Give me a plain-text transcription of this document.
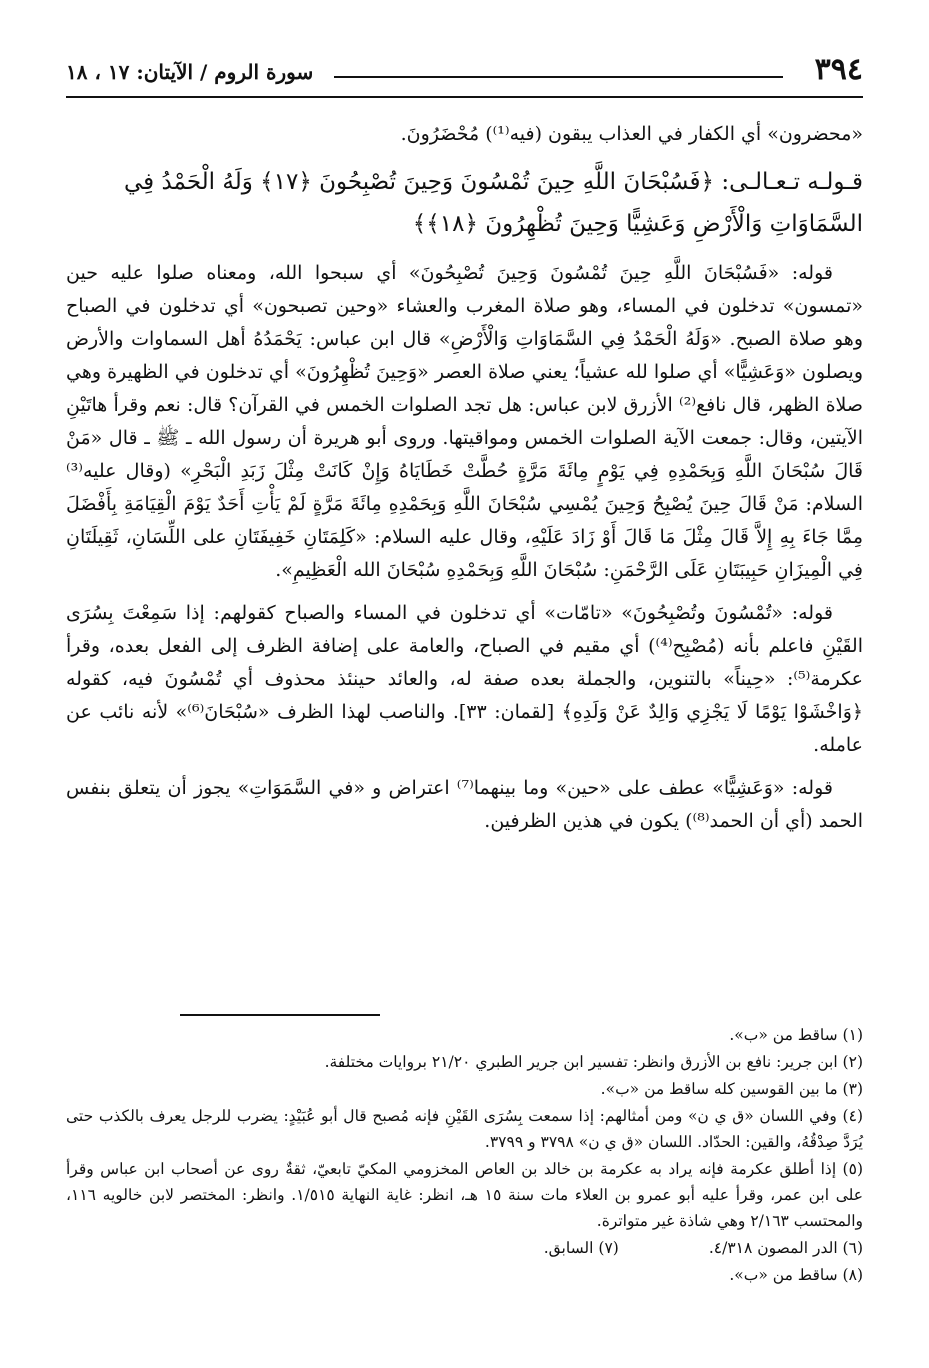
٣٩٤
سورة الروم / الآيتان: ١٧ ، ١٨

«محضرون» أي الكفار في العذاب يبقون (فيه⁽¹⁾) مُحْضَرُونَ.

قـولـه تـعـالـى: ﴿فَسُبْحَانَ اللَّهِ حِينَ تُمْسُونَ وَحِينَ تُصْبِحُونَ ﴿١٧﴾ وَلَهُ الْحَمْدُ فِي
السَّمَاوَاتِ وَالْأَرْضِ وَعَشِيًّا وَحِينَ تُظْهِرُونَ ﴿١٨﴾﴾

قوله: «فَسُبْحَانَ اللَّهِ حِينَ تُمْسُونَ وَحِينَ تُصْبِحُونَ» أي سبحوا الله، ومعناه صلوا عليه حين «تمسون» تدخلون في المساء، وهو صلاة المغرب والعشاء «وحين تصبحون» أي تدخلون في الصباح وهو صلاة الصبح. «وَلَهُ الْحَمْدُ فِي السَّمَاوَاتِ وَالْأَرْضِ» قال ابن عباس: يَحْمَدُهُ أهل السماوات والأرض ويصلون «وَعَشِيًّا» أي صلوا لله عشياً؛ يعني صلاة العصر «وَحِينَ تُظْهِرُونَ» أي تدخلون في الظهيرة وهي صلاة الظهر، قال نافع⁽²⁾ الأزرق لابن عباس: هل تجد الصلوات الخمس في القرآن؟ قال: نعم وقرأ هاتَيْنِ الآيتين، وقال: جمعت الآية الصلوات الخمس ومواقيتها. وروى أبو هريرة أن رسول الله ـ ﷺ ـ قال «مَنْ قَالَ سُبْحَانَ اللَّهِ وَبِحَمْدِهِ فِي يَوْمٍ مِائَةَ مَرَّةٍ حُطَّتْ خَطَايَاهُ وَإِنْ كَانَتْ مِثْلَ زَبَدِ الْبَحْرِ» (وقال عليه⁽³⁾ السلام: مَنْ قَالَ حِينَ يُصْبِحُ وَحِينَ يُمْسِي سُبْحَانَ اللَّهِ وَبِحَمْدِهِ مِائَةَ مَرَّةٍ لَمْ يَأْتِ أَحَدٌ يَوْمَ الْقِيَامَةِ بِأَفْضَلَ مِمَّا جَاءَ بِهِ إِلاَّ قَالَ مِثْلَ مَا قَالَ أَوْ زَادَ عَلَيْهِ، وقال عليه السلام: «كَلِمَتَانِ خَفِيفَتَانِ على اللِّسَانِ، ثَقِيلَتَانِ فِي الْمِيزَانِ حَبِيبَتَانِ عَلَى الرَّحْمَنِ: سُبْحَانَ اللَّهِ وَبِحَمْدِهِ سُبْحَانَ الله الْعَظِيمِ».

قوله: «تُمْسُونَ وتُصْبِحُونَ» «تامّات» أي تدخلون في المساء والصباح كقولهم: إذا سَمِعْتَ بِسُرَى القَيْنِ فاعلم بأنه (مُصْبِح⁽⁴⁾) أي مقيم في الصباح، والعامة على إضافة الظرف إلى الفعل بعده، وقرأ عكرمة⁽⁵⁾: «حِيناً» بالتنوين، والجملة بعده صفة له، والعائد حينئذ محذوف أي تُمْسُونَ فيه، كقوله ﴿وَاخْشَوْا يَوْمًا لَا يَجْزِي وَالِدٌ عَنْ وَلَدِهِ﴾ [لقمان: ٣٣]. والناصب لهذا الظرف «سُبْحَانَ⁽⁶⁾» لأنه نائب عن عامله.

قوله: «وَعَشِيًّا» عطف على «حين» وما بينهما⁽⁷⁾ اعتراض و «في السَّمَوَاتِ» يجوز أن يتعلق بنفس الحمد (أي أن الحمد⁽⁸⁾) يكون في هذين الظرفين.

(١) ساقط من «ب».
(٢) ابن جرير: نافع بن الأزرق وانظر: تفسير ابن جرير الطبري ٢١/٢٠ بروايات مختلفة.
(٣) ما بين القوسين كله ساقط من «ب».
(٤) وفي اللسان «ق ي ن» ومن أمثالهم: إذا سمعت بِسُرَى القَيْنِ فإنه مُصبح قال أبو عُبَيْدٍ: يضرب للرجل يعرف بالكذب حتى يُرَدَّ صِدْقُهُ، والقين: الحدّاد. اللسان «ق ي ن» ٣٧٩٨ و ٣٧٩٩.
(٥) إذا أطلق عكرمة فإنه يراد به عكرمة بن خالد بن العاص المخزومي المكيّ تابعيّ، ثقةٌ روى عن أصحاب ابن عباس وقرأ على ابن عمر، وقرأ عليه أبو عمرو بن العلاء مات سنة ١٥ هـ، انظر: غاية النهاية ١/٥١٥. وانظر: المختصر لابن خالويه ١١٦، والمحتسب ٢/١٦٣ وهي شاذة غير متواترة.
(٦) الدر المصون ٤/٣١٨.
(٧) السابق.
(٨) ساقط من «ب».
